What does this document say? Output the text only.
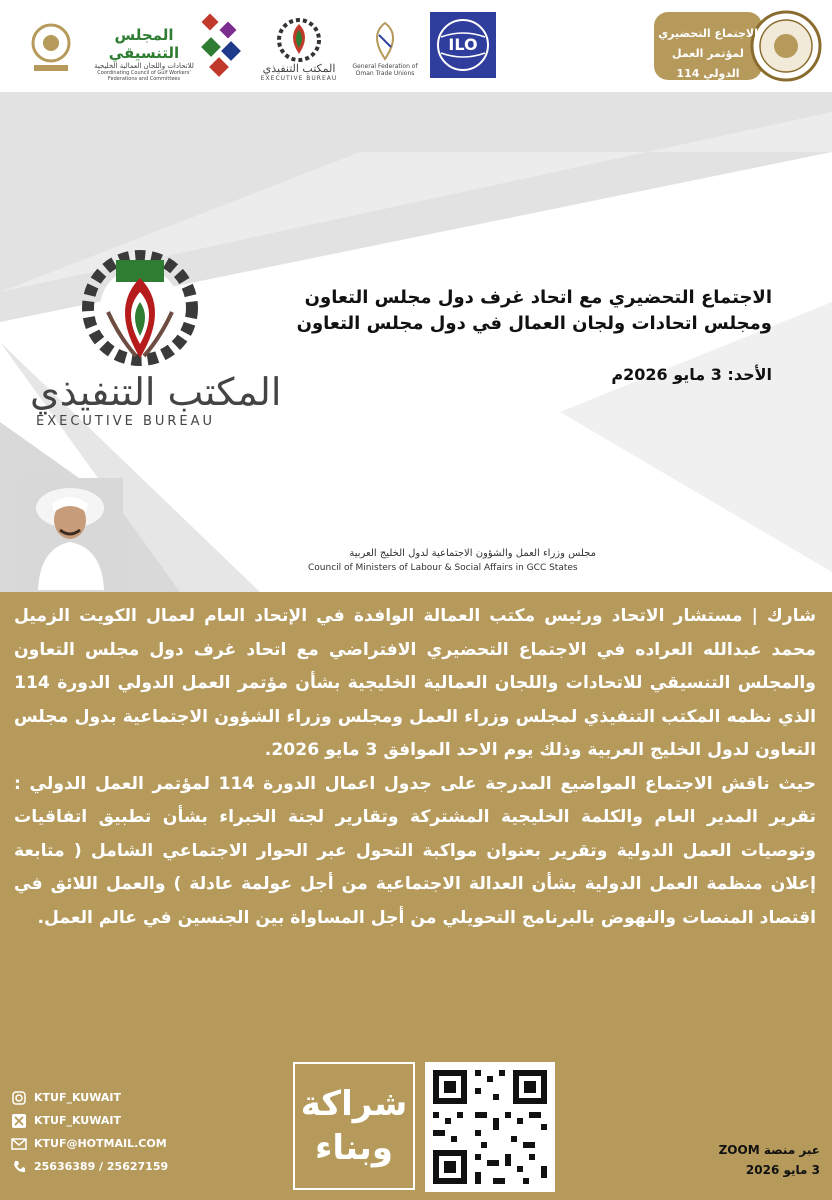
الاجتماع التحضيري
لمؤتمر العمل الدولي 114
ILO
General Federation of Oman Trade Unions
المكتب التنفيذي
EXECUTIVE BUREAU
المجلس التنسيقي
للاتحادات واللجان العمالية الخليجية
Coordinating Council of Gulf Workers' Federations and Committees
المكتب التنفيذي
EXECUTIVE BUREAU
الاجتماع التحضيري مع اتحاد غرف دول مجلس التعاون
ومجلس اتحادات ولجان العمال في دول مجلس التعاون
الأحد: 3 مايو 2026م
مجلس وزراء العمل والشؤون الاجتماعية لدول الخليج العربية
Council of Ministers of Labour & Social Affairs in GCC States

شارك | مستشار الاتحاد ورئيس مكتب العمالة الوافدة في الإتحاد العام لعمال الكويت الزميل محمد عبدالله العراده في الاجتماع التحضيري الافتراضي مع اتحاد غرف دول مجلس التعاون والمجلس التنسيقي للاتحادات واللجان العمالية الخليجية بشأن مؤتمر العمل الدولي الدورة 114 الذي نظمه المكتب التنفيذي لمجلس وزراء العمل ومجلس وزراء الشؤون الاجتماعية بدول مجلس التعاون لدول الخليج العربية وذلك يوم الاحد الموافق 3 مايو 2026.

حيث ناقش الاجتماع المواضيع المدرجة على جدول اعمال الدورة 114 لمؤتمر العمل الدولي : تقرير المدير العام والكلمة الخليجية المشتركة وتقارير لجنة الخبراء بشأن تطبيق اتفاقيات وتوصيات العمل الدولية وتقرير بعنوان مواكبة التحول عبر الحوار الاجتماعي الشامل ( متابعة إعلان منظمة العمل الدولية بشأن العدالة الاجتماعية من أجل عولمة عادلة ) والعمل اللائق في اقتصاد المنصات والنهوض بالبرنامج التحويلي من أجل المساواة بين الجنسين في عالم العمل.

KTUF_KUWAIT
KTUF_KUWAIT
KTUF@HOTMAIL.COM
25636389 / 25627159
شراكة
وبناء	عبر منصة ZOOM
3 مايو 2026
